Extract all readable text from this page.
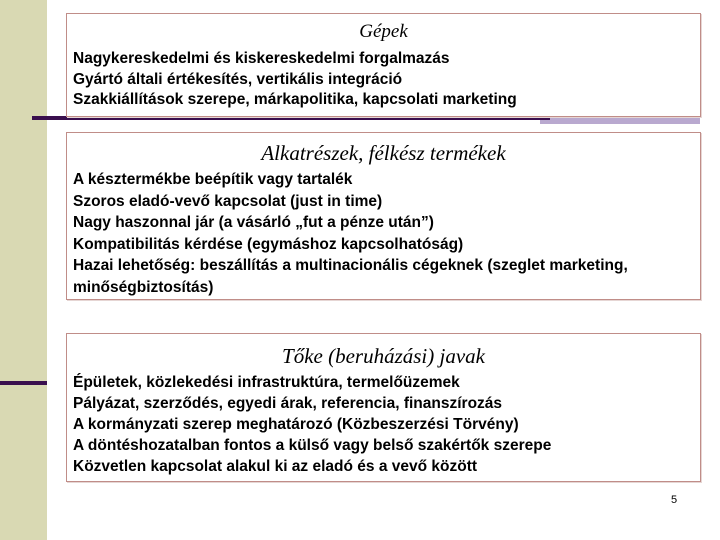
Gépek

Nagykereskedelmi és kiskereskedelmi forgalmazás
Gyártó általi értékesítés, vertikális integráció
Szakkiállítások szerepe, márkapolitika, kapcsolati marketing

Alkatrészek, félkész termékek

A késztermékbe beépítik vagy tartalék
Szoros eladó-vevő kapcsolat (just in time)
Nagy haszonnal jár (a vásárló „fut a pénze után”)
Kompatibilitás kérdése (egymáshoz kapcsolhatóság)
Hazai lehetőség: beszállítás a multinacionális cégeknek (szeglet marketing, minőségbiztosítás)

Tőke (beruházási) javak

Épületek, közlekedési infrastruktúra, termelőüzemek
Pályázat, szerződés, egyedi árak, referencia, finanszírozás
A kormányzati szerep meghatározó (Közbeszerzési Törvény)
A döntéshozatalban fontos a külső vagy belső szakértők szerepe
Közvetlen kapcsolat alakul ki az eladó és a vevő között
5
